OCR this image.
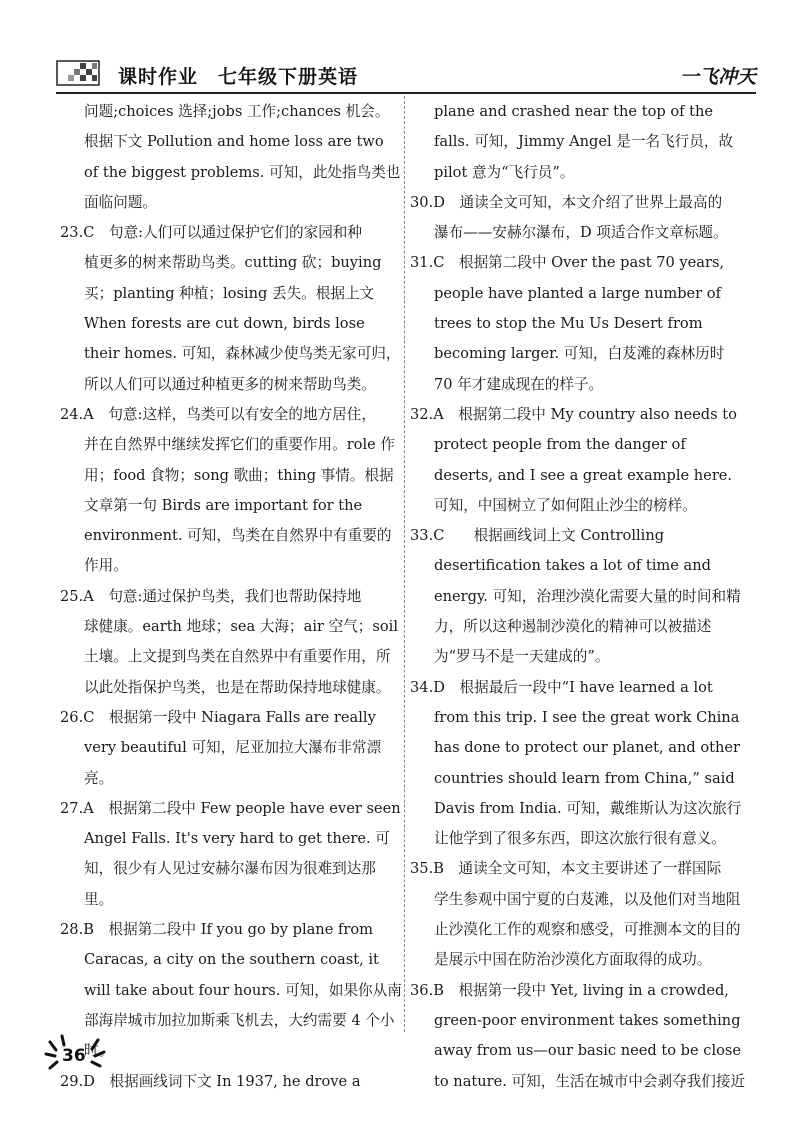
课时作业　七年级下册英语	一飞冲天
问题;choices 选择;jobs 工作;chances 机会。根据下文 Pollution and home loss are two of the biggest problems. 可知，此处指鸟类也面临问题。
23.C　句意:人们可以通过保护它们的家园和种
植更多的树来帮助鸟类。cutting 砍；buying 买；planting 种植；losing 丢失。根据上文 When forests are cut down, birds lose their homes. 可知，森林减少使鸟类无家可归，所以人们可以通过种植更多的树来帮助鸟类。
24.A　句意:这样，鸟类可以有安全的地方居住，
并在自然界中继续发挥它们的重要作用。role 作用；food 食物；song 歌曲；thing 事情。根据文章第一句 Birds are important for the environment. 可知，鸟类在自然界中有重要的作用。
25.A　句意:通过保护鸟类，我们也帮助保持地
球健康。earth 地球；sea 大海；air 空气；soil 土壤。上文提到鸟类在自然界中有重要作用，所以此处指保护鸟类，也是在帮助保持地球健康。
26.C　根据第一段中 Niagara Falls are really
very beautiful 可知，尼亚加拉大瀑布非常漂亮。
27.A　根据第二段中 Few people have ever seen
Angel Falls. It's very hard to get there. 可知，很少有人见过安赫尔瀑布因为很难到达那里。
28.B　根据第二段中 If you go by plane from
Caracas, a city on the southern coast, it will take about four hours. 可知，如果你从南部海岸城市加拉加斯乘飞机去，大约需要 4 个小时。
29.D　根据画线词下文 In 1937, he drove a
plane and crashed near the top of the falls. 可知，Jimmy Angel 是一名飞行员，故 pilot 意为“飞行员”。
30.D　通读全文可知，本文介绍了世界上最高的
瀑布——安赫尔瀑布，D 项适合作文章标题。
31.C　根据第二段中 Over the past 70 years,
people have planted a large number of trees to stop the Mu Us Desert from becoming larger. 可知，白芨滩的森林历时 70 年才建成现在的样子。
32.A　根据第二段中 My country also needs to
protect people from the danger of deserts, and I see a great example here. 可知，中国树立了如何阻止沙尘的榜样。
33.C　　根据画线词上文 Controlling
desertification takes a lot of time and energy. 可知，治理沙漠化需要大量的时间和精力，所以这种遏制沙漠化的精神可以被描述为“罗马不是一天建成的”。
34.D　根据最后一段中“I have learned a lot
from this trip. I see the great work China has done to protect our planet, and other countries should learn from China,” said Davis from India. 可知，戴维斯认为这次旅行让他学到了很多东西，即这次旅行很有意义。
35.B　通读全文可知，本文主要讲述了一群国际
学生参观中国宁夏的白芨滩，以及他们对当地阻止沙漠化工作的观察和感受，可推测本文的目的是展示中国在防治沙漠化方面取得的成功。
36.B　根据第一段中 Yet, living in a crowded,
green-poor environment takes something away from us—our basic need to be close to nature. 可知，生活在城市中会剥夺我们接近
36
